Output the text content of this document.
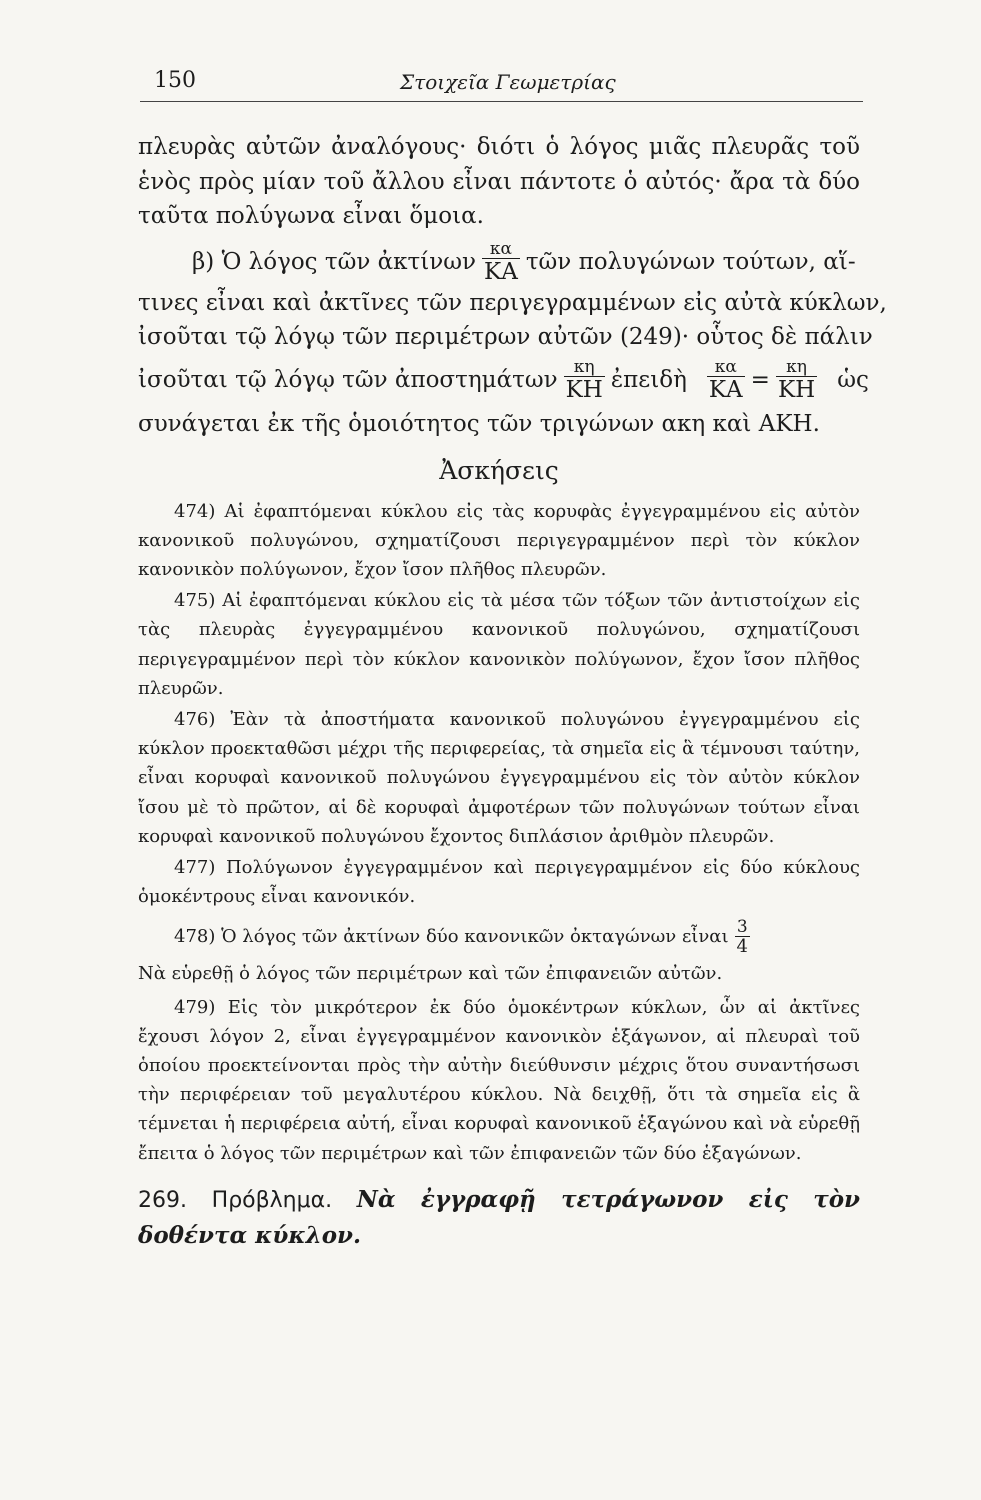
150	Στοιχεῖα Γεωμετρίας

πλευρὰς αὐτῶν ἀναλόγους· διότι ὁ λόγος μιᾶς πλευρᾶς τοῦ ἑνὸς πρὸς μίαν τοῦ ἄλλου εἶναι πάντοτε ὁ αὐτός· ἄρα τὰ δύο ταῦτα πολύγωνα εἶναι ὅμοια.

β) Ὁ λόγος τῶν ἀκτίνων $\frac{\kappa\alpha}{KA}$ τῶν πολυγώνων τούτων, αἵ-
τινες εἶναι καὶ ἀκτῖνες τῶν περιγεγραμμένων εἰς αὐτὰ κύκλων,
ἰσοῦται τῷ λόγῳ τῶν περιμέτρων αὐτῶν (249)· οὗτος δὲ πάλιν
ἰσοῦται τῷ λόγῳ τῶν ἀποστημάτων $\frac{\kappa\eta}{KH}$ ἐπειδὴ $\frac{\kappa\alpha}{KA} = \frac{\kappa\eta}{KH}$ ὡς
συνάγεται ἐκ τῆς ὁμοιότητος τῶν τριγώνων ακη καὶ ΑΚΗ.
Ἀσκήσεις

474) Αἱ ἐφαπτόμεναι κύκλου εἰς τὰς κορυφὰς ἐγγεγραμμένου εἰς αὐτὸν κανονικοῦ πολυγώνου, σχηματίζουσι περιγεγραμμένον περὶ τὸν κύκλον κανονικὸν πολύγωνον, ἔχον ἴσον πλῆθος πλευρῶν.

475) Αἱ ἐφαπτόμεναι κύκλου εἰς τὰ μέσα τῶν τόξων τῶν ἀντιστοίχων εἰς τὰς πλευρὰς ἐγγεγραμμένου κανονικοῦ πολυγώνου, σχηματίζουσι περιγεγραμμένον περὶ τὸν κύκλον κανονικὸν πολύγωνον, ἔχον ἴσον πλῆθος πλευρῶν.

476) Ἐὰν τὰ ἀποστήματα κανονικοῦ πολυγώνου ἐγγεγραμμένου εἰς κύκλον προεκταθῶσι μέχρι τῆς περιφερείας, τὰ σημεῖα εἰς ἃ τέμνουσι ταύτην, εἶναι κορυφαὶ κανονικοῦ πολυγώνου ἐγγεγραμμένου εἰς τὸν αὐτὸν κύκλον ἴσου μὲ τὸ πρῶτον, αἱ δὲ κορυφαὶ ἀμφοτέρων τῶν πολυγώνων τούτων εἶναι κορυφαὶ κανονικοῦ πολυγώνου ἔχοντος διπλάσιον ἀριθμὸν πλευρῶν.

477) Πολύγωνον ἐγγεγραμμένον καὶ περιγεγραμμένον εἰς δύο κύκλους ὁμοκέντρους εἶναι κανονικόν.

478) Ὁ λόγος τῶν ἀκτίνων δύο κανονικῶν ὀκταγώνων εἶναι $\frac{3}{4}$

Νὰ εὑρεθῇ ὁ λόγος τῶν περιμέτρων καὶ τῶν ἐπιφανειῶν αὐτῶν.

479) Εἰς τὸν μικρότερον ἐκ δύο ὁμοκέντρων κύκλων, ὧν αἱ ἀκτῖνες ἔχουσι λόγον 2, εἶναι ἐγγεγραμμένον κανονικὸν ἑξάγωνον, αἱ πλευραὶ τοῦ ὁποίου προεκτείνονται πρὸς τὴν αὐτὴν διεύθυνσιν μέχρις ὅτου συναντήσωσι τὴν περιφέρειαν τοῦ μεγαλυτέρου κύκλου. Νὰ δειχθῇ, ὅτι τὰ σημεῖα εἰς ἃ τέμνεται ἡ περιφέρεια αὐτή, εἶναι κορυφαὶ κανονικοῦ ἑξαγώνου καὶ νὰ εὑρεθῇ ἔπειτα ὁ λόγος τῶν περιμέτρων καὶ τῶν ἐπιφανειῶν τῶν δύο ἑξαγώνων.

269. Πρόβλημα. Νὰ ἐγγραφῇ τετράγωνον εἰς τὸν δοθέντα κύκλον.
